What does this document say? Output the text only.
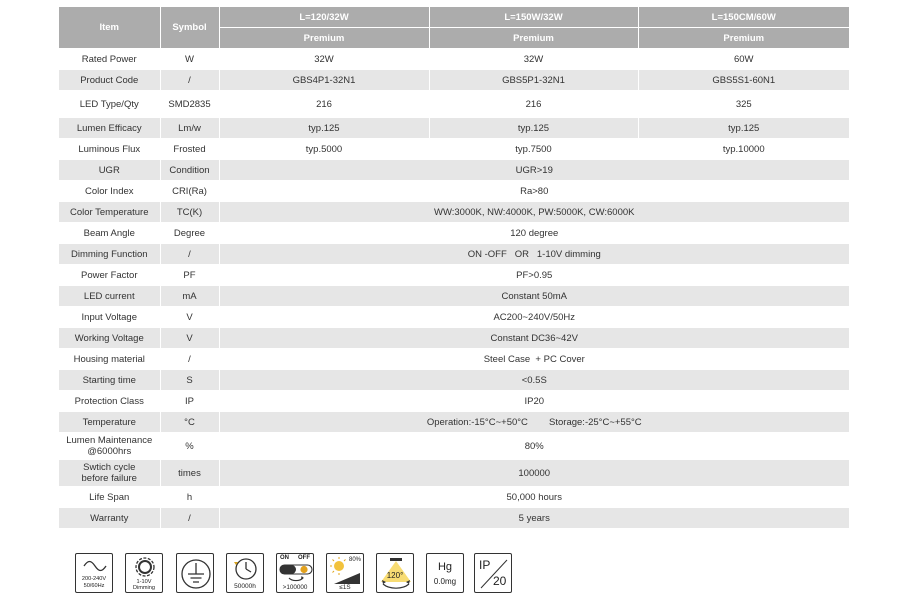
Item	Symbol	L=120/32W	L=150W/32W	L=150CM/60W
		Premium	Premium	Premium
Rated Power	W	32W	32W	60W
Product Code	/	GBS4P1-32N1	GBS5P1-32N1	GBS5S1-60N1
LED Type/Qty	SMD2835	216	216	325
Lumen Efficacy	Lm/w	typ.125	typ.125	typ.125
Luminous Flux	Frosted	typ.5000	typ.7500	typ.10000
UGR	Condition	UGR>19		
Color Index	CRI(Ra)	Ra>80		
Color Temperature	TC(K)	WW:3000K, NW:4000K, PW:5000K, CW:6000K		
Beam Angle	Degree	120 degree		
Dimming Function	/	ON -OFF   OR   1-10V dimming		
Power Factor	PF	PF>0.95		
LED current	mA	Constant 50mA		
Input Voltage	V	AC200~240V/50Hz		
Working Voltage	V	Constant DC36~42V		
Housing material	/	Steel Case  + PC Cover		
Starting time	S	<0.5S		
Protection Class	IP	IP20		
Temperature	°C	Operation:-15°C~+50°C        Storage:-25°C~+55°C		
Lumen Maintenance
@6000hrs	%	80%		
Swtich cycle
before failure	times	100000		
Life Span	h	50,000 hours		
Warranty	/	5 years		
200-240V
50/60Hz
1-10V
Dimming	50000h
ON	OFF
>100000
80%
≤1S
120°
Hg
0.0mg
IP
20
